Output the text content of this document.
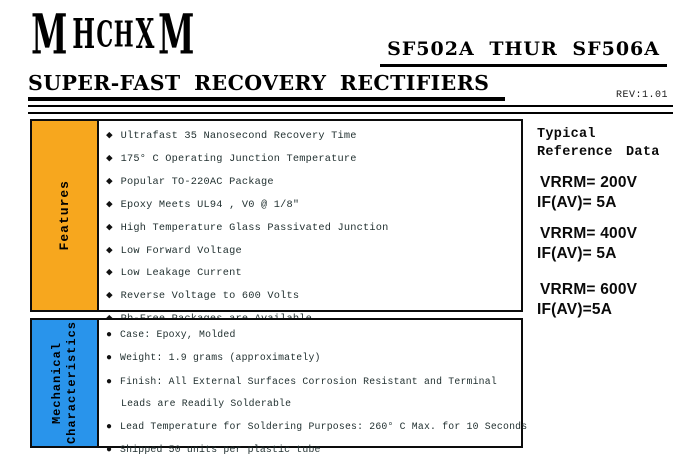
M H C H X M	SF502A THUR SF506A
SUPER-FAST RECOVERY RECTIFIERS
REV:1.01
Features
◆ Ultrafast 35 Nanosecond Recovery Time
◆ 175° C Operating Junction Temperature
◆ Popular TO-220AC Package
◆ Epoxy Meets UL94 , V0 @ 1/8″
◆ High Temperature Glass Passivated Junction
◆ Low Forward Voltage
◆ Low Leakage Current
◆ Reverse Voltage to 600 Volts
Mechanical Characteristics	● Case: Epoxy, Molded
● Weight: 1.9 grams (approximately)
● Finish: All External Surfaces Corrosion Resistant and Terminal
Leads are Readily Solderable
● Lead Temperature for Soldering Purposes: 260° C Max. for 10 Seconds
● Shipped 50 units per plastic tube
Typical
Reference Data
VRRM= 200V
IF(AV)= 5A
VRRM= 400V
IF(AV)= 5A
VRRM= 600V
IF(AV)=5A
